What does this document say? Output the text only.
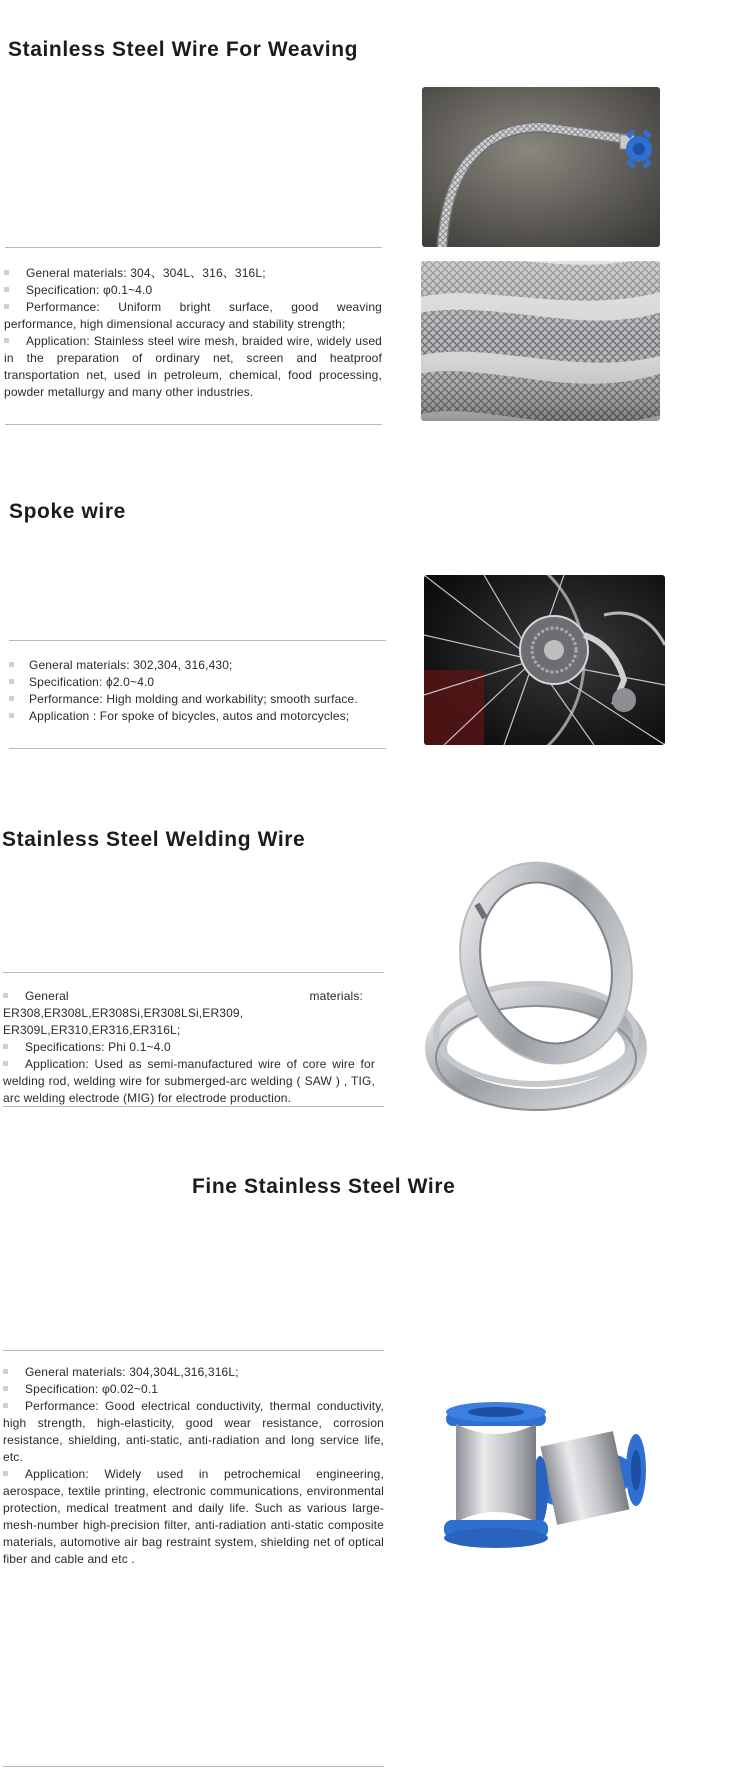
Stainless Steel Wire For Weaving

General materials: 304、304L、316、316L;

Specification: φ0.1~4.0

Performance: Uniform bright surface, good weaving performance, high dimensional accuracy and stability strength;

Application: Stainless steel wire mesh, braided wire, widely used in the preparation of ordinary net, screen and heatproof transportation net, used in petroleum, chemical, food processing, powder metallurgy and many other industries.

Spoke wire

General materials: 302,304, 316,430;

Specification: ϕ2.0~4.0

Performance: High molding and workability; smooth surface.

Application : For spoke of bicycles, autos and motorcycles;

Stainless Steel Welding Wire

General materials: ER308,ER308L,ER308Si,ER308LSi,ER309, ER309L,ER310,ER316,ER316L;

Specifications: Phi 0.1~4.0

Application: Used as semi-manufactured wire of core wire for welding rod, welding wire for submerged-arc welding ( SAW ) , TIG, arc welding electrode (MIG) for electrode production.

Fine Stainless Steel Wire

General materials: 304,304L,316,316L;

Specification: φ0.02~0.1

Performance: Good electrical conductivity, thermal conductivity, high strength, high-elasticity, good wear resistance, corrosion resistance, shielding, anti-static, anti-radiation and long service life, etc.

Application: Widely used in petrochemical engineering, aerospace, textile printing, electronic communications, environmental protection, medical treatment and daily life. Such as various large-mesh-number high-precision filter, anti-radiation anti-static composite materials, automotive air bag restraint system, shielding net of optical fiber and cable and etc .
